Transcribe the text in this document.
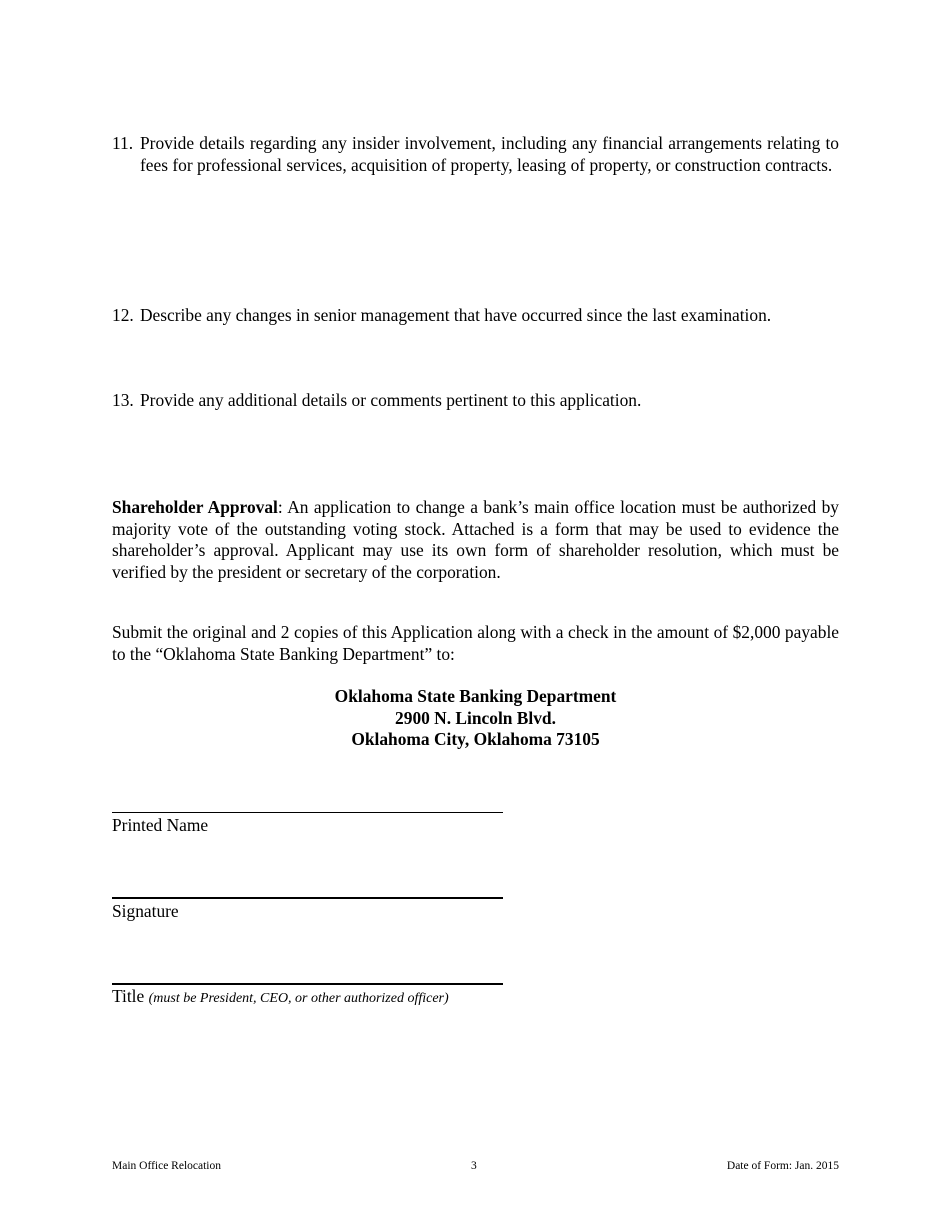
11. Provide details regarding any insider involvement, including any financial arrangements relating to fees for professional services, acquisition of property, leasing of property, or construction contracts.
12. Describe any changes in senior management that have occurred since the last examination.
13. Provide any additional details or comments pertinent to this application.
Shareholder Approval: An application to change a bank’s main office location must be authorized by majority vote of the outstanding voting stock. Attached is a form that may be used to evidence the shareholder’s approval. Applicant may use its own form of shareholder resolution, which must be verified by the president or secretary of the corporation.
Submit the original and 2 copies of this Application along with a check in the amount of $2,000 payable to the “Oklahoma State Banking Department” to:
Oklahoma State Banking Department
2900 N. Lincoln Blvd.
Oklahoma City, Oklahoma 73105
Printed Name
Signature
Title (must be President, CEO, or other authorized officer)
Main Office Relocation	3	Date of Form: Jan. 2015
